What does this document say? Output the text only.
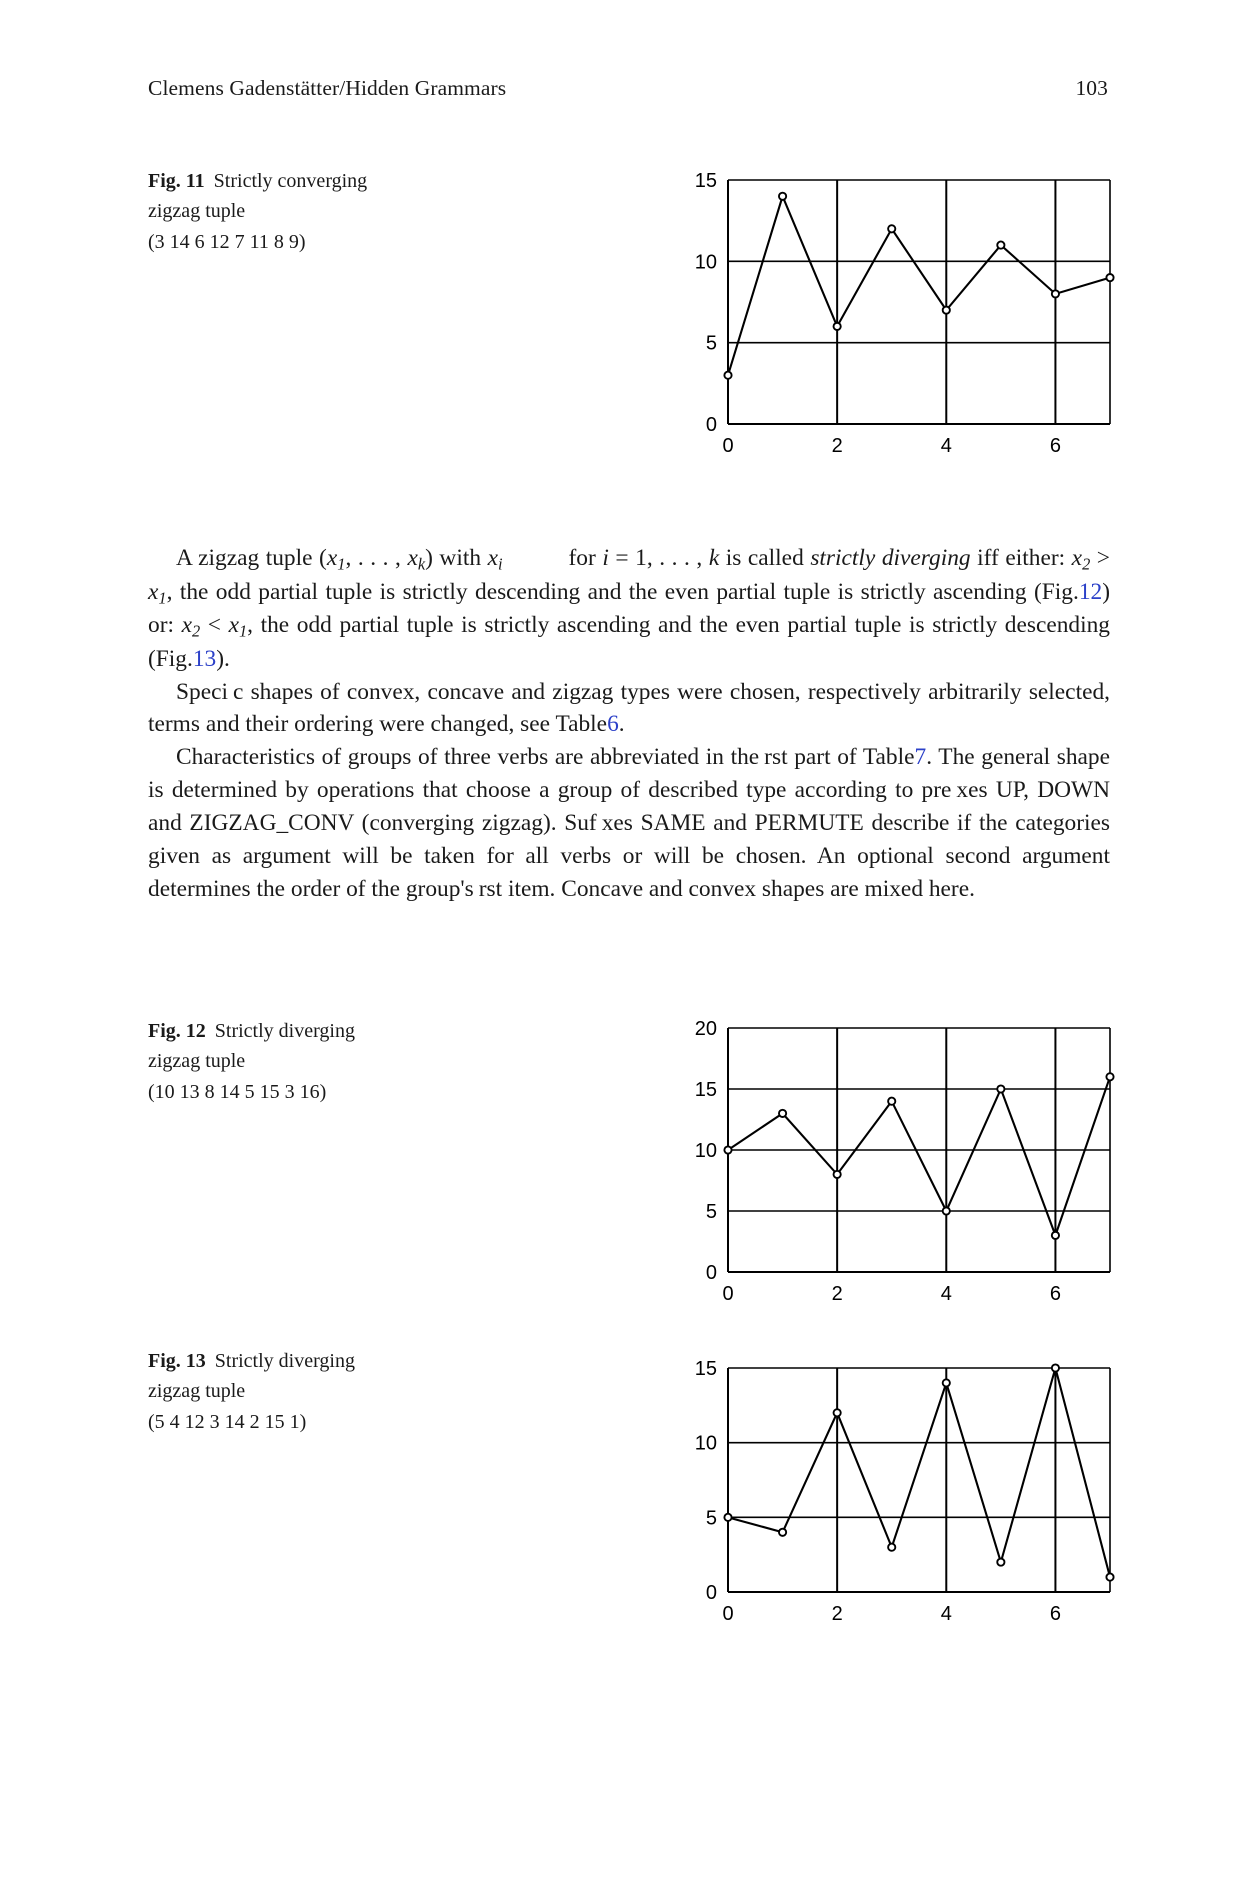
Clemens Gadenstätter/Hidden Grammars	103
Fig. 11 Strictly converging
zigzag tuple
(3 14 6 12 7 11 8 9)
0
5
10
15
0	2	4	6

A zigzag tuple ($x_1$, . . . , $x_k$) with $x_i$	for i = 1, . . . , k is called strictly diverging iff either: $x_2 > x_1$, the odd partial tuple is strictly descending and the even partial tuple is strictly ascending (Fig.12) or: $x_2 < x_1$, the odd partial tuple is strictly ascending and the even partial tuple is strictly descending (Fig.13).

Speci c shapes of convex, concave and zigzag types were chosen, respectively arbitrarily selected, terms and their ordering were changed, see Table6.

Characteristics of groups of three verbs are abbreviated in the rst part of Table7. The general shape is determined by operations that choose a group of described type according to pre xes UP, DOWN and ZIGZAG_CONV (converging zigzag). Suf xes SAME and PERMUTE describe if the categories given as argument will be taken for all verbs or will be chosen. An optional second argument determines the order of the group's rst item. Concave and convex shapes are mixed here.

Fig. 12 Strictly diverging
zigzag tuple
(10 13 8 14 5 15 3 16)
0
5
10
15
20
0	2	4	6
Fig. 13 Strictly diverging
zigzag tuple
(5 4 12 3 14 2 15 1)
0
5
10
15
0	2	4	6
